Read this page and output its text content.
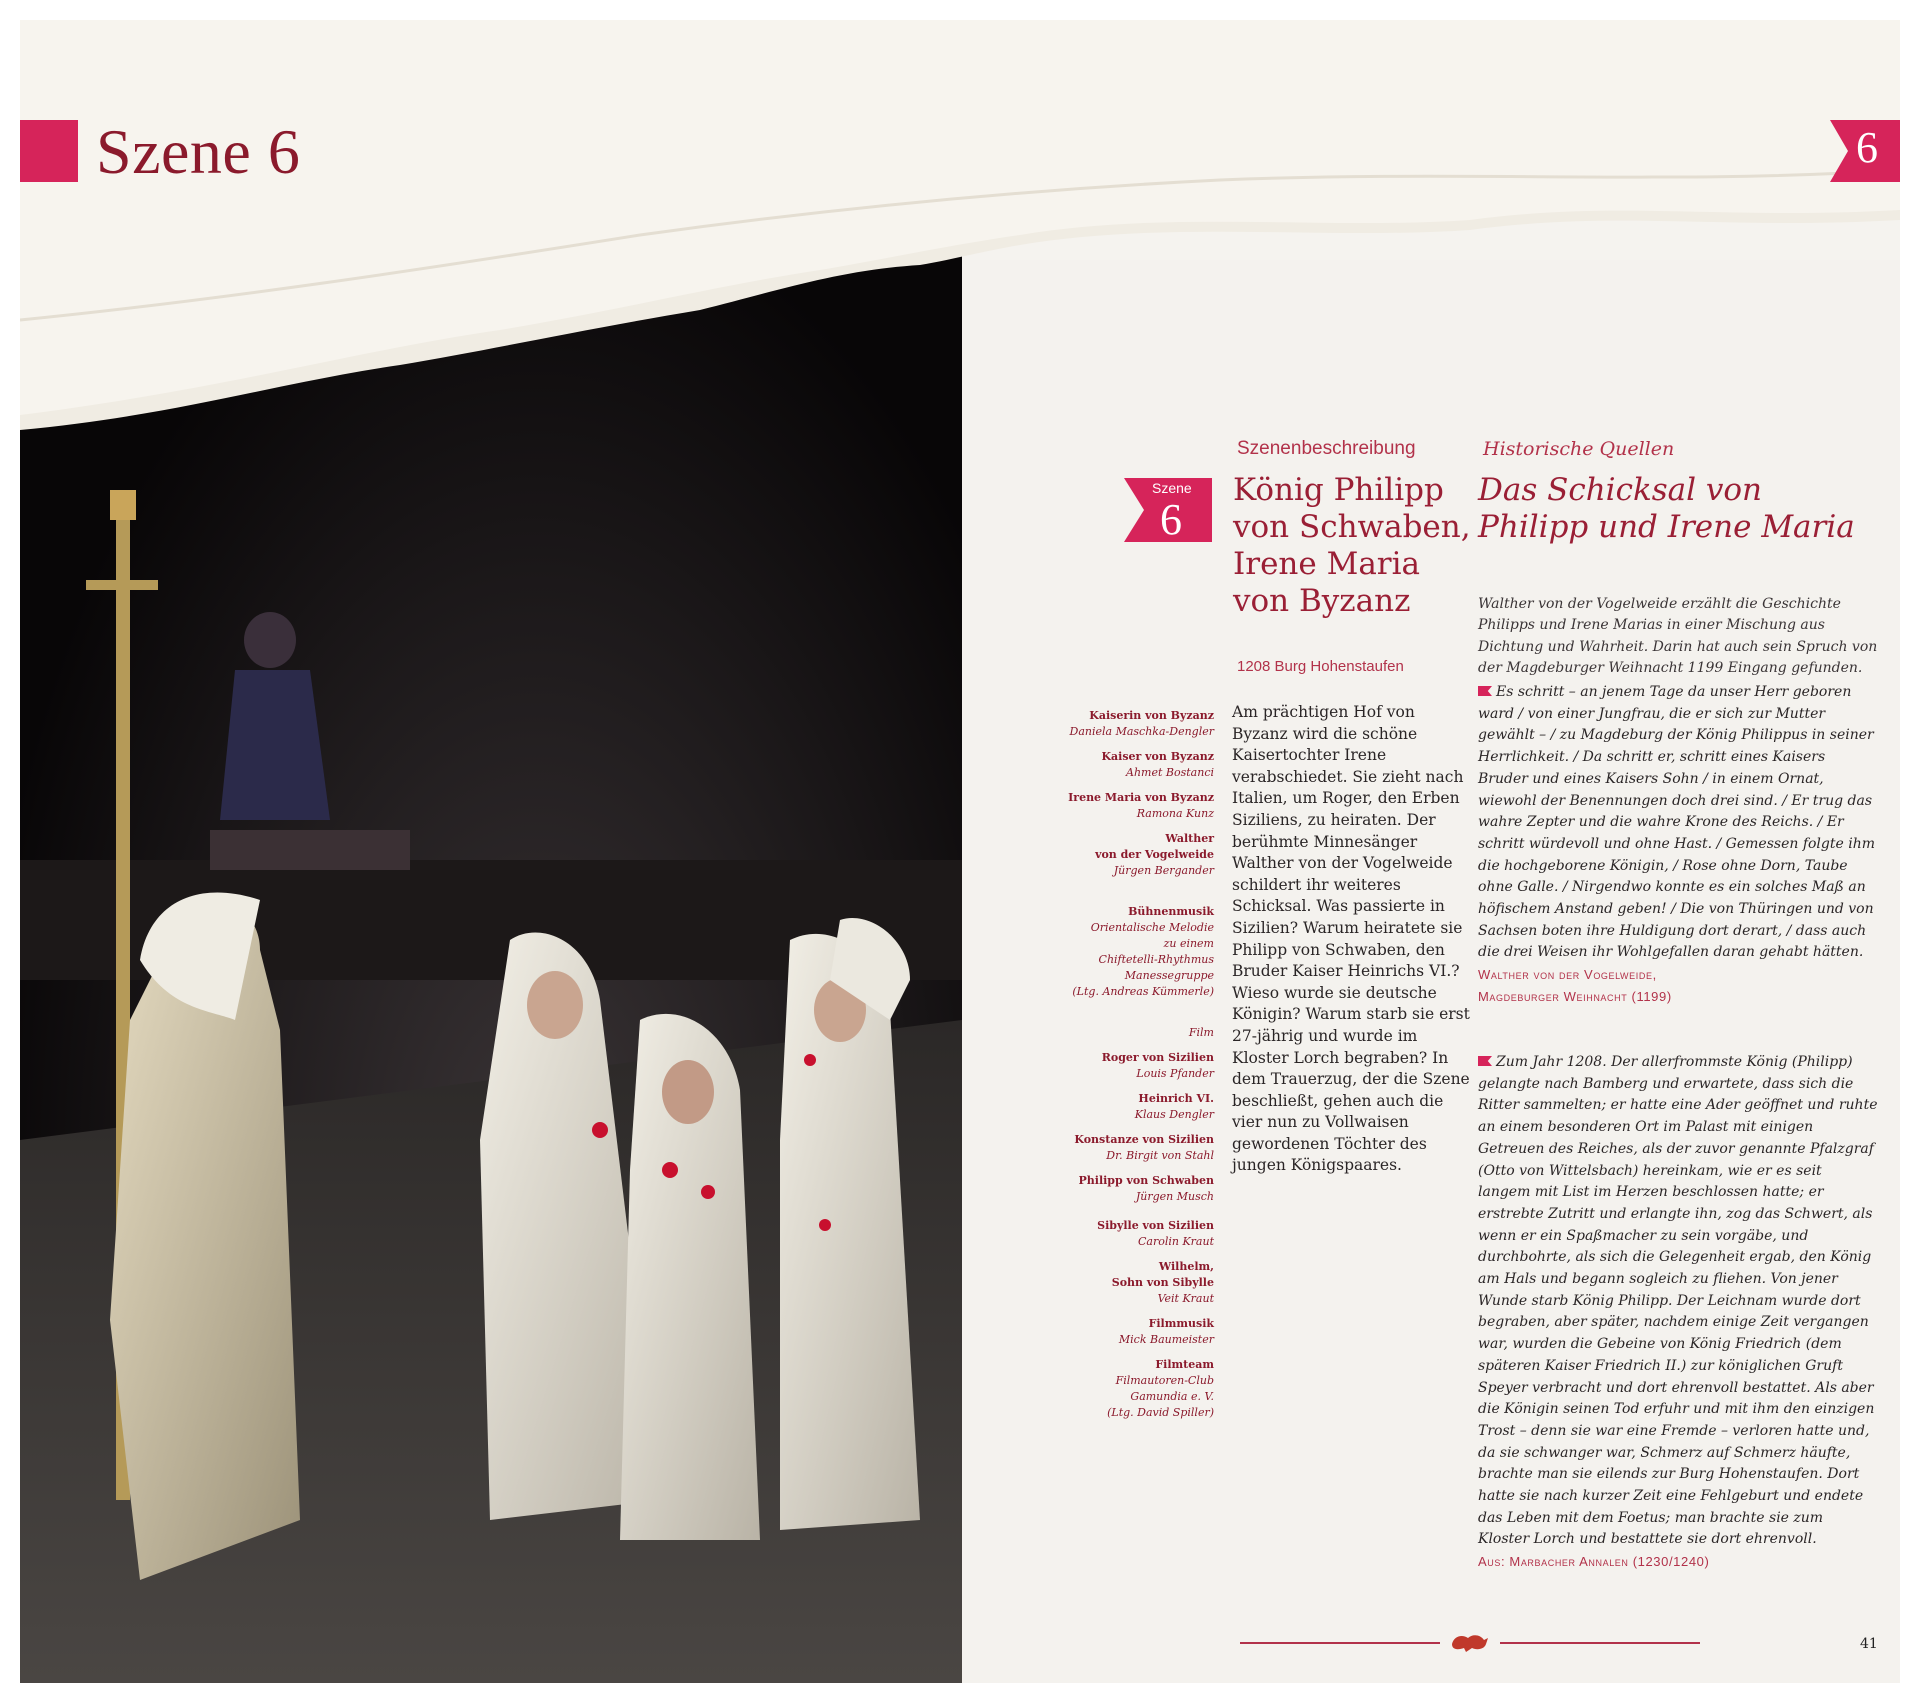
Szene 6	6
Szene
6
Szenenbeschreibung	Historische Quellen
König Philipp
von Schwaben,
Irene Maria
von Byzanz
1208 Burg Hohenstaufen
Das Schicksal von
Philipp und Irene Maria
Kaiserin von Byzanz
Daniela Maschka-Dengler
Kaiser von Byzanz
Ahmet Bostanci
Irene Maria von Byzanz
Ramona Kunz
Walther
von der Vogelweide
Jürgen Bergander
Bühnenmusik
Orientalische Melodie
zu einem
Chiftetelli-Rhythmus
Manessegruppe
(Ltg. Andreas Kümmerle)
Film
Roger von Sizilien
Louis Pfander
Heinrich VI.
Klaus Dengler
Konstanze von Sizilien
Dr. Birgit von Stahl
Philipp von Schwaben
Jürgen Musch
Sibylle von Sizilien
Carolin Kraut
Wilhelm,
Sohn von Sibylle
Veit Kraut
Filmmusik
Mick Baumeister
Filmteam
Filmautoren-Club
Gamundia e. V.
(Ltg. David Spiller)
Am prächtigen Hof von Byzanz wird die schöne Kaisertochter Irene verabschiedet. Sie zieht nach Italien, um Roger, den Erben Siziliens, zu heiraten. Der berühmte Minnesänger Walther von der Vogelweide schildert ihr weiteres Schicksal. Was passierte in Sizilien? Warum heiratete sie Philipp von Schwaben, den Bruder Kaiser Heinrichs VI.? Wieso wurde sie deutsche Königin? Warum starb sie erst 27-jährig und wurde im Kloster Lorch begraben? In dem Trauerzug, der die Szene beschließt, gehen auch die vier nun zu Vollwaisen gewordenen Töchter des jungen Königspaares.
Walther von der Vogelweide erzählt die Geschichte Philipps und Irene Marias in einer Mischung aus Dichtung und Wahrheit. Darin hat auch sein Spruch von der Magdeburger Weihnacht 1199 Eingang gefunden.
Es schritt – an jenem Tage da unser Herr geboren ward / von einer Jungfrau, die er sich zur Mutter gewählt – / zu Magdeburg der König Philippus in seiner Herrlichkeit. / Da schritt er, schritt eines Kaisers Bruder und eines Kaisers Sohn / in einem Ornat, wiewohl der Benennungen doch drei sind. / Er trug das wahre Zepter und die wahre Krone des Reichs. / Er schritt würdevoll und ohne Hast. / Gemessen folgte ihm die hochgeborene Königin, / Rose ohne Dorn, Taube ohne Galle. / Nirgendwo konnte es ein solches Maß an höfischem Anstand geben! / Die von Thüringen und von Sachsen boten ihre Huldigung dort derart, / dass auch die drei Weisen ihr Wohlgefallen daran gehabt hätten.
Walther von der Vogelweide,
Magdeburger Weihnacht (1199)
Zum Jahr 1208. Der allerfrommste König (Philipp) gelangte nach Bamberg und erwartete, dass sich die Ritter sammelten; er hatte eine Ader geöffnet und ruhte an einem besonderen Ort im Palast mit einigen Getreuen des Reiches, als der zuvor genannte Pfalzgraf (Otto von Wittelsbach) hereinkam, wie er es seit langem mit List im Herzen beschlossen hatte; er erstrebte Zutritt und erlangte ihn, zog das Schwert, als wenn er ein Spaßmacher zu sein vorgäbe, und durchbohrte, als sich die Gelegenheit ergab, den König am Hals und begann sogleich zu fliehen. Von jener Wunde starb König Philipp. Der Leichnam wurde dort begraben, aber später, nachdem einige Zeit vergangen war, wurden die Gebeine von König Friedrich (dem späteren Kaiser Friedrich II.) zur königlichen Gruft Speyer verbracht und dort ehrenvoll bestattet. Als aber die Königin seinen Tod erfuhr und mit ihm den einzigen Trost – denn sie war eine Fremde – verloren hatte und, da sie schwanger war, Schmerz auf Schmerz häufte, brachte man sie eilends zur Burg Hohenstaufen. Dort hatte sie nach kurzer Zeit eine Fehlgeburt und endete das Leben mit dem Foetus; man brachte sie zum Kloster Lorch und bestattete sie dort ehrenvoll.
Aus: Marbacher Annalen (1230/1240)
41
